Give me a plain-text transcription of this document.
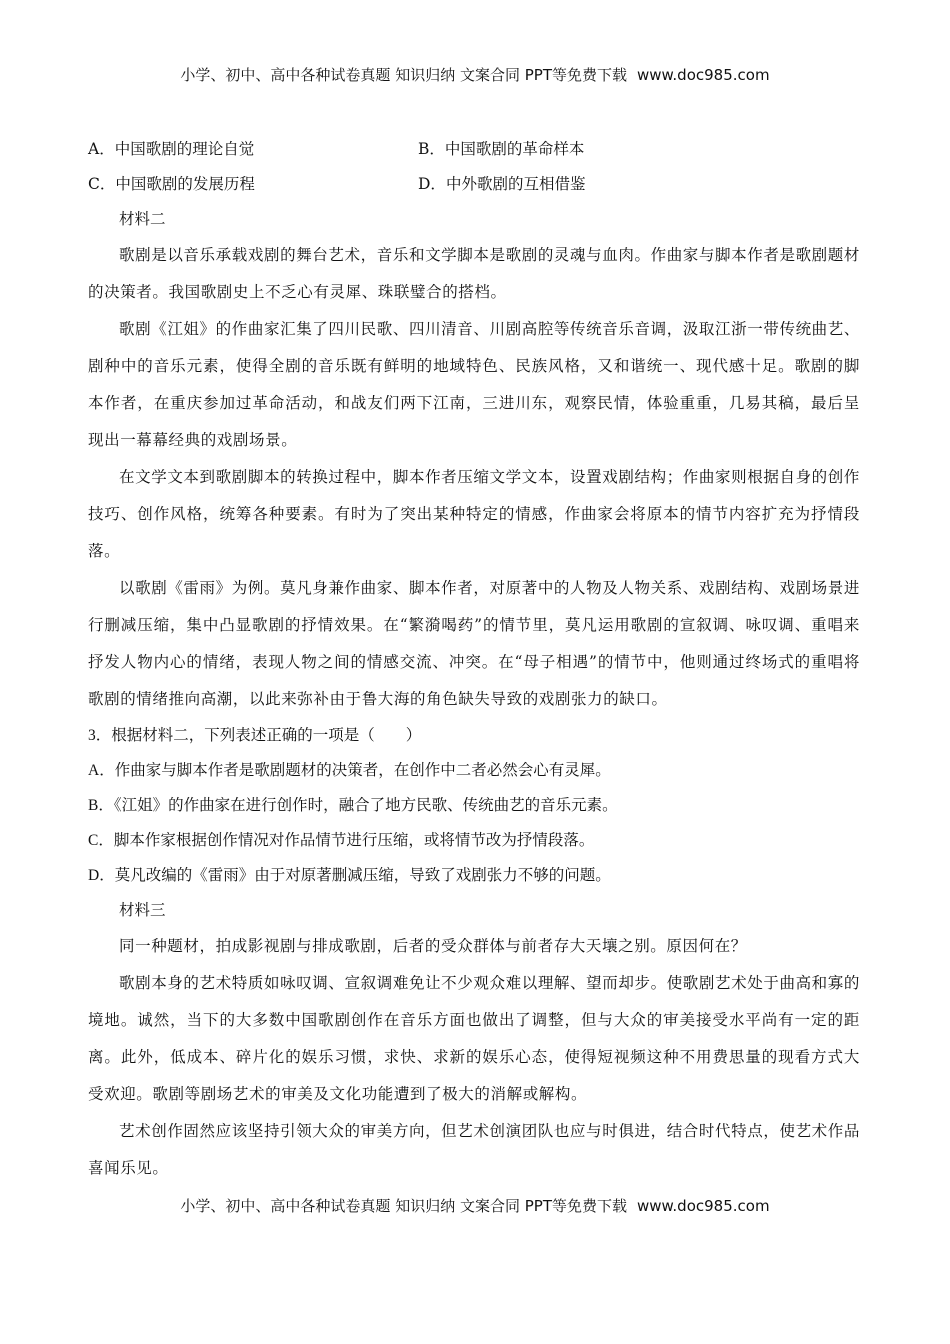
小学、初中、高中各种试卷真题 知识归纳 文案合同 PPT等免费下载 www.doc985.com
A．中国歌剧的理论自觉	B．中国歌剧的革命样本
C．中国歌剧的发展历程	D．中外歌剧的互相借鉴
材料二
歌剧是以音乐承载戏剧的舞台艺术，音乐和文学脚本是歌剧的灵魂与血肉。作曲家与脚本作者是歌剧题材的决策者。我国歌剧史上不乏心有灵犀、珠联璧合的搭档。
歌剧《江姐》的作曲家汇集了四川民歌、四川清音、川剧高腔等传统音乐音调，汲取江浙一带传统曲艺、剧种中的音乐元素，使得全剧的音乐既有鲜明的地域特色、民族风格，又和谐统一、现代感十足。歌剧的脚本作者，在重庆参加过革命活动，和战友们两下江南，三进川东，观察民情，体验重重，几易其稿，最后呈现出一幕幕经典的戏剧场景。
在文学文本到歌剧脚本的转换过程中，脚本作者压缩文学文本，设置戏剧结构；作曲家则根据自身的创作技巧、创作风格，统筹各种要素。有时为了突出某种特定的情感，作曲家会将原本的情节内容扩充为抒情段落。
以歌剧《雷雨》为例。莫凡身兼作曲家、脚本作者，对原著中的人物及人物关系、戏剧结构、戏剧场景进行删减压缩，集中凸显歌剧的抒情效果。在“繁漪喝药”的情节里，莫凡运用歌剧的宣叙调、咏叹调、重唱来抒发人物内心的情绪，表现人物之间的情感交流、冲突。在“母子相遇”的情节中，他则通过终场式的重唱将歌剧的情绪推向高潮，以此来弥补由于鲁大海的角色缺失导致的戏剧张力的缺口。
3．根据材料二，下列表述正确的一项是（　　）
A．作曲家与脚本作者是歌剧题材的决策者，在创作中二者必然会心有灵犀。
B．《江姐》的作曲家在进行创作时，融合了地方民歌、传统曲艺的音乐元素。
C．脚本作家根据创作情况对作品情节进行压缩，或将情节改为抒情段落。
D．莫凡改编的《雷雨》由于对原著删减压缩，导致了戏剧张力不够的问题。
材料三
同一种题材，拍成影视剧与排成歌剧，后者的受众群体与前者存大天壤之别。原因何在？
歌剧本身的艺术特质如咏叹调、宣叙调难免让不少观众难以理解、望而却步。使歌剧艺术处于曲高和寡的境地。诚然，当下的大多数中国歌剧创作在音乐方面也做出了调整，但与大众的审美接受水平尚有一定的距离。此外，低成本、碎片化的娱乐习惯，求快、求新的娱乐心态，使得短视频这种不用费思量的现看方式大受欢迎。歌剧等剧场艺术的审美及文化功能遭到了极大的消解或解构。
艺术创作固然应该坚持引领大众的审美方向，但艺术创演团队也应与时俱进，结合时代特点，使艺术作品喜闻乐见。
小学、初中、高中各种试卷真题 知识归纳 文案合同 PPT等免费下载 www.doc985.com
